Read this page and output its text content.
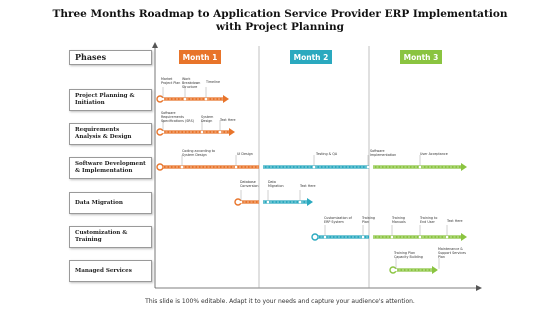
Three Months Roadmap to Application Service Provider ERP Implementation with Project Planning
Phases
Project Planning & Initiation
Requirements Analysis & Design
Software Development & Implementation
Data Migration
Customization & Training
Managed Services
Month 1	Month 2	Month 3
Market Project Plan
Work Breakdown Structure
Timeline
Software Requirements Specifications (SRS)
System Design	Text Here
Coding according to System Design	UI Design	Testing & QA
Software Implementation	User Acceptance
Database Conversion
Data Migration	Text Here
Customization of ERP System
Training Plan
Training Manuals
Training to End User	Text Here
Training Plan Capacity Building
Maintenance & Support Services Plan
This slide is 100% editable. Adapt it to your needs and capture your audience's attention.
